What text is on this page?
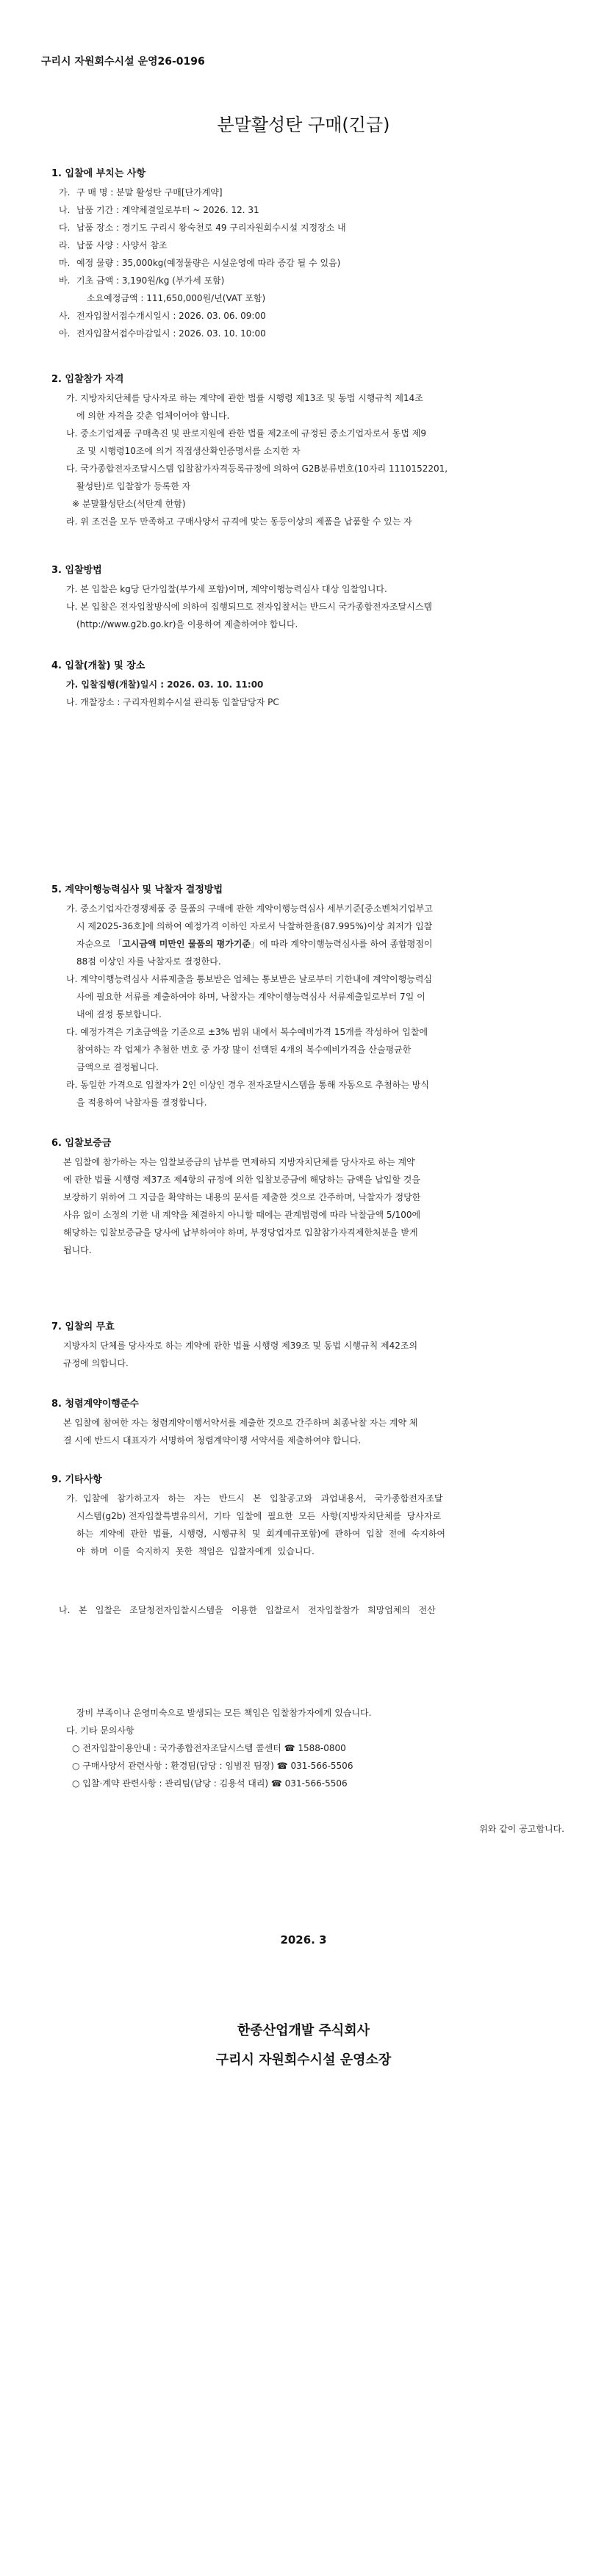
구리시 자원회수시설 운영26-0196
분말활성탄 구매(긴급)
1. 입찰에 부치는 사항
가. 구 매 명 : 분말 활성탄 구매[단가계약]
나. 납품 기간 : 계약체결일로부터 ~ 2026. 12. 31
다. 납품 장소 : 경기도 구리시 왕숙천로 49 구리자원회수시설 지정장소 내
라. 납품 사양 : 사양서 참조
마. 예정 물량 : 35,000kg(예정물량은 시설운영에 따라 증감 될 수 있음)
바. 기초 금액 : 3,190원/kg (부가세 포함)
소요예정금액 : 111,650,000원/년(VAT 포함)
사. 전자입찰서접수개시일시 : 2026. 03. 06. 09:00
아. 전자입찰서접수마감일시 : 2026. 03. 10. 10:00
2. 입찰참가 자격
가. 지방자치단체를 당사자로 하는 계약에 관한 법률 시행령 제13조 및 동법 시행규칙 제14조
에 의한 자격을 갖춘 업체이어야 합니다.
나. 중소기업제품 구매촉진 및 판로지원에 관한 법률 제2조에 규정된 중소기업자로서 동법 제9
조 및 시행령10조에 의거 직접생산확인증명서를 소지한 자
다. 국가종합전자조달시스템 입찰참가자격등록규정에 의하여 G2B분류번호(10자리 1110152201,
활성탄)로 입찰참가 등록한 자
※ 분말활성탄소(석탄계 한함)
라. 위 조건을 모두 만족하고 구매사양서 규격에 맞는 동등이상의 제품을 납품할 수 있는 자
3. 입찰방법
가. 본 입찰은 kg당 단가입찰(부가세 포함)이며, 계약이행능력심사 대상 입찰입니다.
나. 본 입찰은 전자입찰방식에 의하여 집행되므로 전자입찰서는 반드시 국가종합전자조달시스템
(http://www.g2b.go.kr)을 이용하여 제출하여야 합니다.
4. 입찰(개찰) 및 장소
가. 입찰집행(개찰)일시 : 2026. 03. 10. 11:00
나. 개찰장소 : 구리자원회수시설 관리동 입찰담당자 PC
5. 계약이행능력심사 및 낙찰자 결정방법
가. 중소기업자간경쟁제품 중 물품의 구매에 관한 계약이행능력심사 세부기준[중소벤처기업부고
시 제2025-36호]에 의하여 예정가격 이하인 자로서 낙찰하한율(87.995%)이상 최저가 입찰
자순으로 「고시금액 미만인 물품의 평가기준」에 따라 계약이행능력심사를 하여 종합평점이
88점 이상인 자를 낙찰자로 결정한다.
나. 계약이행능력심사 서류제출을 통보받은 업체는 통보받은 날로부터 기한내에 계약이행능력심
사에 필요한 서류를 제출하여야 하며, 낙찰자는 계약이행능력심사 서류제출일로부터 7일 이
내에 결정 통보합니다.
다. 예정가격은 기초금액을 기준으로 ±3% 범위 내에서 복수예비가격 15개를 작성하여 입찰에
참여하는 각 업체가 추첨한 번호 중 가장 많이 선택된 4개의 복수예비가격을 산술평균한
금액으로 결정됩니다.
라. 동일한 가격으로 입찰자가 2인 이상인 경우 전자조달시스템을 통해 자동으로 추첨하는 방식
을 적용하여 낙찰자를 결정합니다.
6. 입찰보증금
본 입찰에 참가하는 자는 입찰보증금의 납부를 면제하되 지방자치단체를 당사자로 하는 계약
에 관한 법률 시행령 제37조 제4항의 규정에 의한 입찰보증금에 해당하는 금액을 납입할 것을
보장하기 위하여 그 지급을 확약하는 내용의 문서를 제출한 것으로 간주하며, 낙찰자가 정당한
사유 없이 소정의 기한 내 계약을 체결하지 아니할 때에는 관계법령에 따라 낙찰금액 5/100에
해당하는 입찰보증금을 당사에 납부하여야 하며, 부정당업자로 입찰참가자격제한처분을 받게
됩니다.
7. 입찰의 무효
지방자치 단체를 당사자로 하는 계약에 관한 법률 시행령 제39조 및 동법 시행규칙 제42조의
규정에 의합니다.
8. 청렴계약이행준수
본 입찰에 참여한 자는 청렴계약이행서약서를 제출한 것으로 간주하며 최종낙찰 자는 계약 체
결 시에 반드시 대표자가 서명하여 청렴계약이행 서약서를 제출하여야 합니다.
9. 기타사항
가.  입찰에   참가하고자   하는   자는   반드시   본   입찰공고와   과업내용서,   국가종합전자조달
시스템(g2b) 전자입찰특별유의서,  기타  입찰에  필요한  모든  사항(지방자치단체를  당사자로
하는  계약에  관한  법률,  시행령,  시행규칙  및  회계예규포함)에  관하여  입찰  전에  숙지하여
야  하며  이를  숙지하지  못한  책임은  입찰자에게  있습니다.
나.   본   입찰은   조달청전자입찰시스템을   이용한   입찰로서   전자입찰참가   희망업체의   전산
장비 부족이나 운영미숙으로 발생되는 모든 책임은 입찰참가자에게 있습니다.
다. 기타 문의사항
○ 전자입찰이용안내 : 국가종합전자조달시스템 콜센터 ☎ 1588-0800
○ 구매사양서 관련사항 : 환경팀(담당 : 임범진 팀장) ☎ 031-566-5506
○ 입찰·계약 관련사항 : 관리팀(담당 : 김용석 대리) ☎ 031-566-5506
위와 같이 공고합니다.
2026. 3
한종산업개발 주식회사
구리시 자원회수시설 운영소장
